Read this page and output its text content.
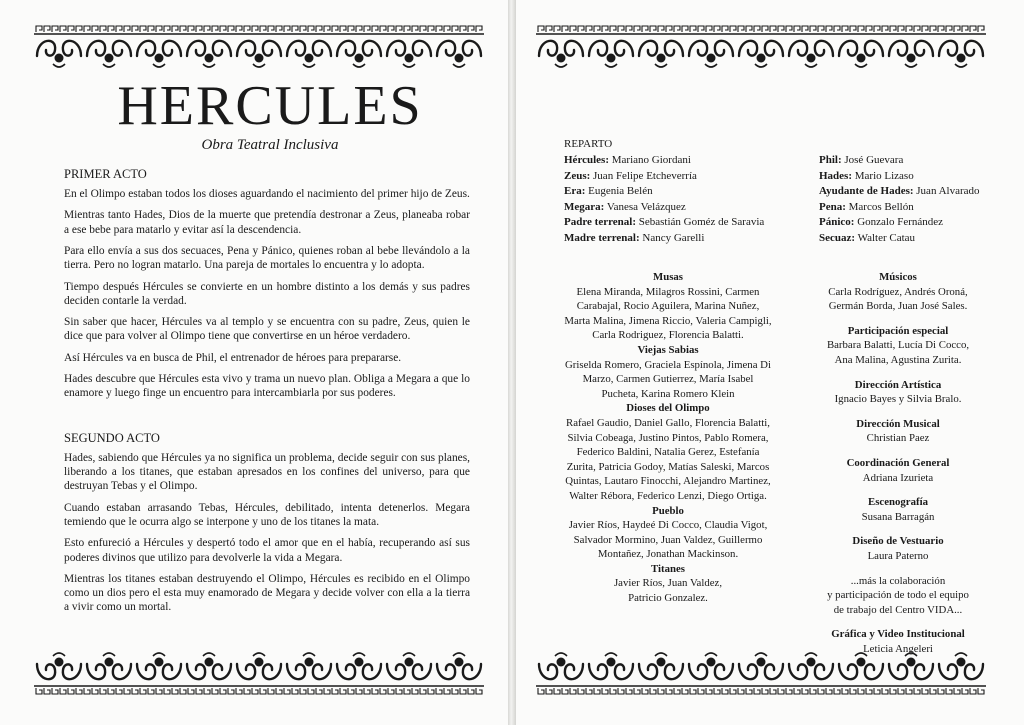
HERCULES
Obra Teatral Inclusiva
PRIMER ACTO

En el Olimpo estaban todos los dioses aguardando el nacimiento del primer hijo de Zeus.

Mientras tanto Hades, Dios de la muerte que pretendía destronar a Zeus, planeaba robar a ese bebe para matarlo y evitar así la descendencia.

Para ello envía a sus dos secuaces, Pena y Pánico, quienes roban al bebe llevándolo a la tierra. Pero no logran matarlo. Una pareja de mortales lo encuentra y lo adopta.

Tiempo después Hércules se convierte en un hombre distinto a los demás y sus padres deciden contarle la verdad.

Sin saber que hacer, Hércules va al templo y se encuentra con su padre, Zeus, quien le dice que para volver al Olimpo tiene que convertirse en un héroe verdadero.

Así Hércules va en busca de Phil, el entrenador de héroes para prepararse.

Hades descubre que Hércules esta vivo y trama un nuevo plan. Obliga a Megara a que lo enamore y luego finge un encuentro para intercambiarla por sus poderes.

SEGUNDO ACTO

Hades, sabiendo que Hércules ya no significa un problema, decide seguir con sus planes, liberando a los titanes, que estaban apresados en los confines del universo, para que destruyan Tebas y el Olimpo.

Cuando estaban arrasando Tebas, Hércules, debilitado, intenta detenerlos. Megara temiendo que le ocurra algo se interpone y uno de los titanes la mata.

Esto enfureció a Hércules y despertó todo el amor que en el había, recuperando así sus poderes divinos que utilizo para devolverle la vida a Megara.

Mientras los titanes estaban destruyendo el Olimpo, Hércules es recibido en el Olimpo como un dios pero el esta muy enamorado de Megara y decide volver con ella a la tierra a vivir como un mortal.

REPARTO
Hércules: Mariano Giordani
Zeus: Juan Felipe Etcheverría
Era: Eugenia Belén
Megara: Vanesa Velázquez
Padre terrenal: Sebastián Goméz de Saravia
Madre terrenal: Nancy Garelli
Phil: José Guevara
Hades: Mario Lizaso
Ayudante de Hades: Juan Alvarado
Pena: Marcos Bellón
Pánico: Gonzalo Fernández
Secuaz: Walter Catau
Musas
Elena Miranda, Milagros Rossini, Carmen
Carabajal, Rocio Aguilera, Marina Nuñez,
Marta Malina, Jimena Riccio, Valeria Campigli,
Carla Rodriguez, Florencia Balatti.
Viejas Sabias
Griselda Romero, Graciela Espínola, Jimena Di
Marzo, Carmen Gutierrez, María Isabel
Pucheta, Karina Romero Klein
Dioses del Olimpo
Rafael Gaudio, Daniel Gallo, Florencia Balatti,
Silvia Cobeaga, Justino Pintos, Pablo Romera,
Federico Baldini, Natalia Gerez, Estefanía
Zurita, Patricia Godoy, Matías Saleski, Marcos
Quintas, Lautaro Finocchi, Alejandro Martinez,
Walter Rébora, Federico Lenzi, Diego Ortiga.
Pueblo
Javier Ríos, Haydeé Di Cocco, Claudia Vigot,
Salvador Mormino, Juan Valdez, Guillermo
Montañez, Jonathan Mackinson.
Titanes
Javier Ríos, Juan Valdez,
Patricio Gonzalez.
Músicos
Carla Rodríguez, Andrés Oroná,
Germán Borda, Juan José Sales.
Participación especial
Barbara Balatti, Lucía Di Cocco,
Ana Malina, Agustina Zurita.
Dirección Artística
Ignacio Bayes y Silvia Bralo.
Dirección Musical
Christian Paez
Coordinación General
Adriana Izurieta
Escenografía
Susana Barragán
Diseño de Vestuario
Laura Paterno
...más la colaboración
y participación de todo el equipo
de trabajo del Centro VIDA...
Gráfica y Video Institucional
Leticia Angeleri
